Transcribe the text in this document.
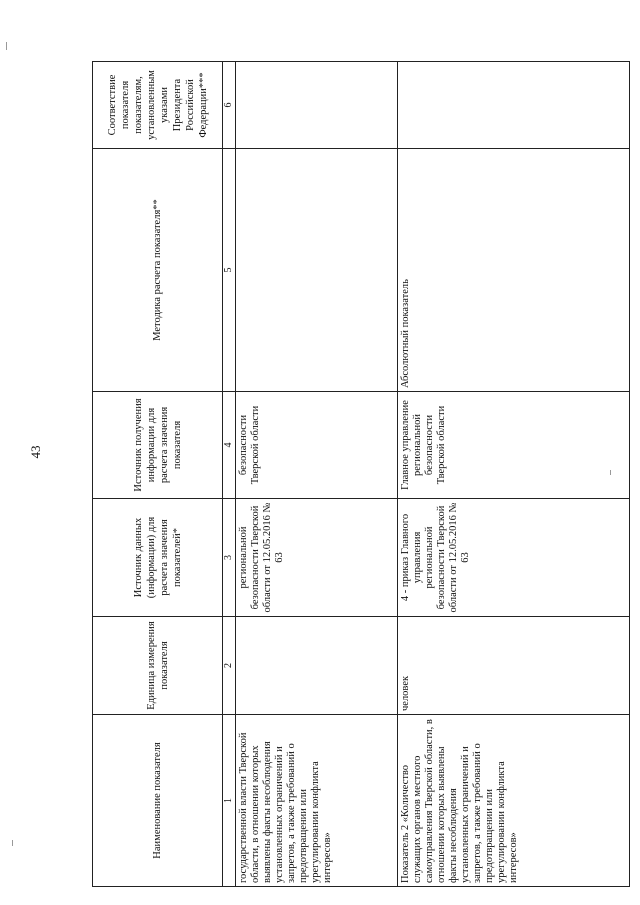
43
Наименование показателя	Единица измерения показателя	Источник данных (информации) для расчета значения показателей*	Источник получения информации для расчета значения показателя	Методика расчета показателя**	Соответствие показателя показателям, установленным указами Президента Российской Федерации***
1	2	3	4	5	6
государственной власти Тверской области, в отношении которых выявлены факты несоблюдения установленных ограничений и запретов, а также требований о предотвращении или урегулировании конфликта интересов»		региональной безопасности Тверской области от 12.05.2016 № 63	безопасности Тверской области		
Показатель 2 «Количество служащих органов местного самоуправления Тверской области, в отношении которых выявлены факты несоблюдения установленных ограничений и запретов, а также требований о предотвращении или урегулировании конфликта интересов»	человек	4 - приказ Главного управления региональной безопасности Тверской области от 12.05.2016 № 63	Главное управление региональной безопасности Тверской области	Абсолютный показатель	
